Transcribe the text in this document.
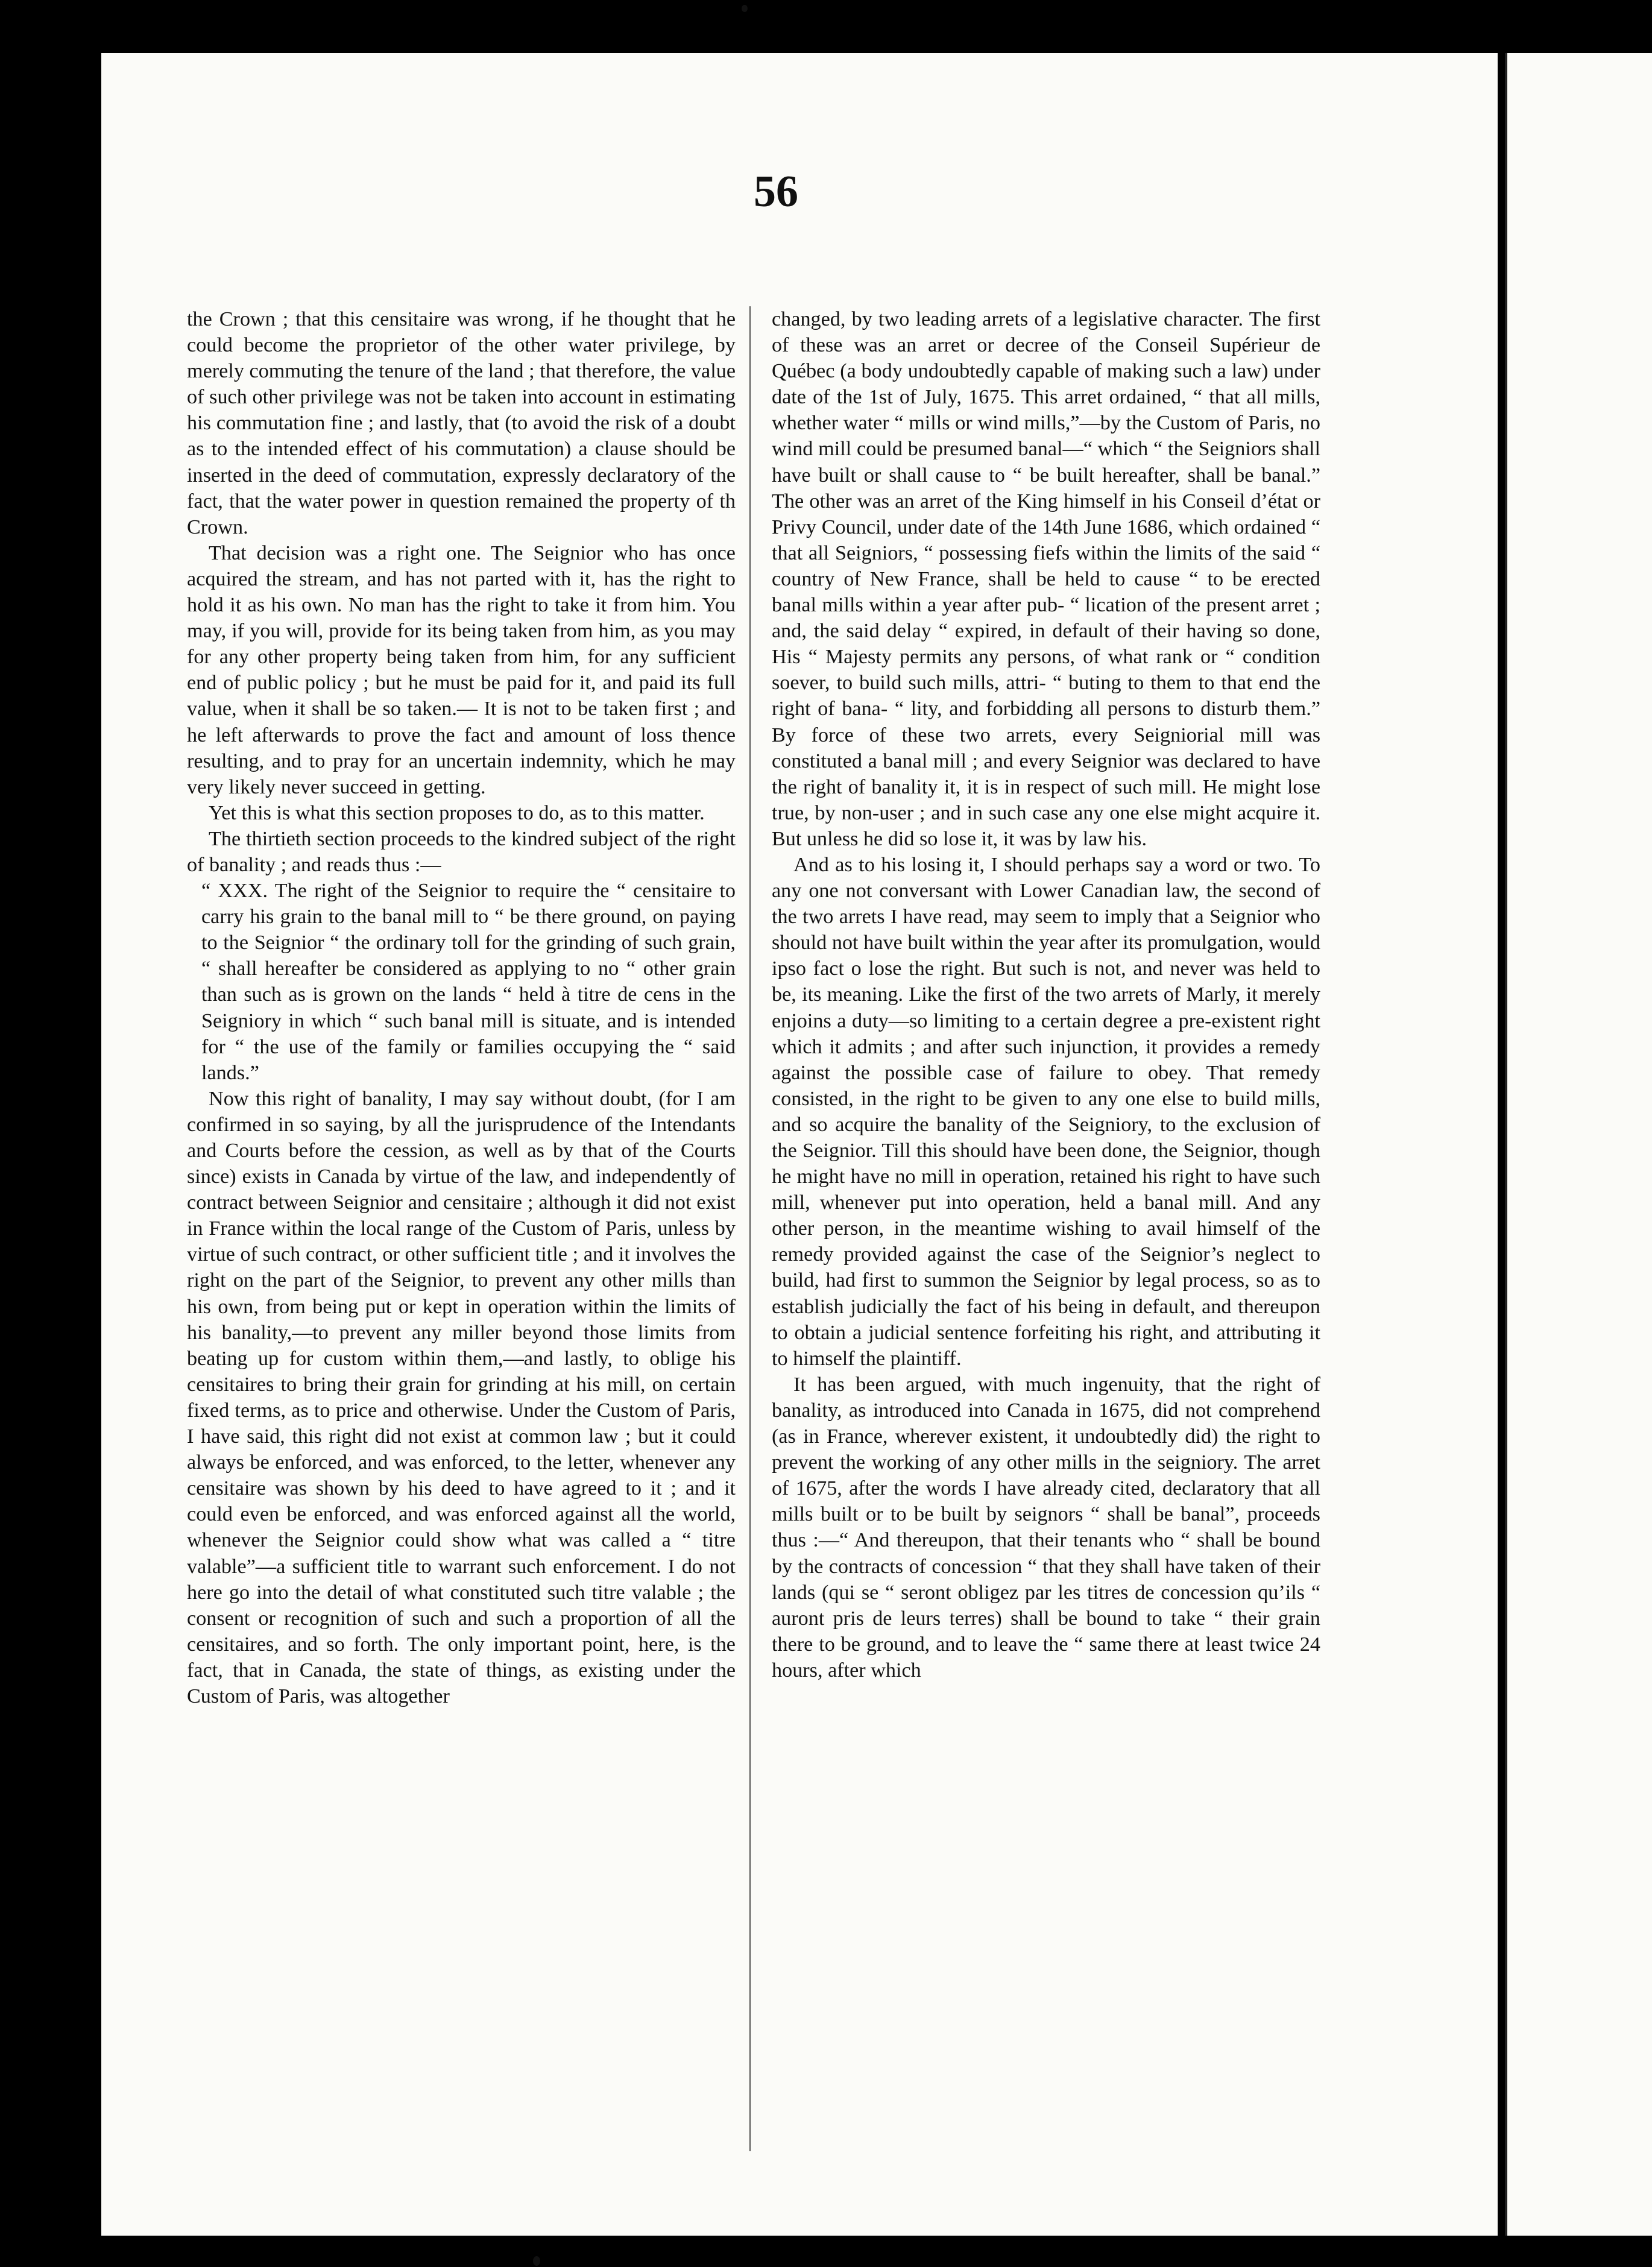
56

the Crown ; that this censitaire was wrong, if he thought that he could become the proprietor of the other water privilege, by merely commuting the tenure of the land ; that therefore, the value of such other privilege was not be taken into account in estimating his commutation fine ; and lastly, that (to avoid the risk of a doubt as to the intended effect of his commutation) a clause should be inserted in the deed of commutation, expressly declaratory of the fact, that the water power in question remained the property of th Crown.

That decision was a right one. The Seignior who has once acquired the stream, and has not parted with it, has the right to hold it as his own. No man has the right to take it from him. You may, if you will, provide for its being taken from him, as you may for any other property being taken from him, for any sufficient end of public policy ; but he must be paid for it, and paid its full value, when it shall be so taken.— It is not to be taken first ; and he left afterwards to prove the fact and amount of loss thence resulting, and to pray for an uncertain indemnity, which he may very likely never succeed in getting.

Yet this is what this section proposes to do, as to this matter.

The thirtieth section proceeds to the kindred subject of the right of banality ; and reads thus :—

“ XXX. The right of the Seignior to require the “ censitaire to carry his grain to the banal mill to “ be there ground, on paying to the Seignior “ the ordinary toll for the grinding of such grain, “ shall hereafter be considered as applying to no “ other grain than such as is grown on the lands “ held à titre de cens in the Seigniory in which “ such banal mill is situate, and is intended for “ the use of the family or families occupying the “ said lands.”

Now this right of banality, I may say without doubt, (for I am confirmed in so saying, by all the jurisprudence of the Intendants and Courts before the cession, as well as by that of the Courts since) exists in Canada by virtue of the law, and independently of contract between Seignior and censitaire ; although it did not exist in France within the local range of the Custom of Paris, unless by virtue of such contract, or other sufficient title ; and it involves the right on the part of the Seignior, to prevent any other mills than his own, from being put or kept in operation within the limits of his banality,—to prevent any miller beyond those limits from beating up for custom within them,—and lastly, to oblige his censitaires to bring their grain for grinding at his mill, on certain fixed terms, as to price and otherwise. Under the Custom of Paris, I have said, this right did not exist at common law ; but it could always be enforced, and was enforced, to the letter, whenever any censitaire was shown by his deed to have agreed to it ; and it could even be enforced, and was enforced against all the world, whenever the Seignior could show what was called a “ titre valable”—a sufficient title to warrant such enforcement. I do not here go into the detail of what constituted such titre valable ; the consent or recognition of such and such a proportion of all the censitaires, and so forth. The only important point, here, is the fact, that in Canada, the state of things, as existing under the Custom of Paris, was altogether

changed, by two leading arrets of a legislative character. The first of these was an arret or decree of the Conseil Supérieur de Québec (a body undoubtedly capable of making such a law) under date of the 1st of July, 1675. This arret ordained, “ that all mills, whether water “ mills or wind mills,”—by the Custom of Paris, no wind mill could be presumed banal—“ which “ the Seigniors shall have built or shall cause to “ be built hereafter, shall be banal.” The other was an arret of the King himself in his Conseil d’état or Privy Council, under date of the 14th June 1686, which ordained “ that all Seigniors, “ possessing fiefs within the limits of the said “ country of New France, shall be held to cause “ to be erected banal mills within a year after pub- “ lication of the present arret ; and, the said delay “ expired, in default of their having so done, His “ Majesty permits any persons, of what rank or “ condition soever, to build such mills, attri- “ buting to them to that end the right of bana- “ lity, and forbidding all persons to disturb them.” By force of these two arrets, every Seigniorial mill was constituted a banal mill ; and every Seignior was declared to have the right of banality it, it is in respect of such mill. He might lose true, by non-user ; and in such case any one else might acquire it. But unless he did so lose it, it was by law his.

And as to his losing it, I should perhaps say a word or two. To any one not conversant with Lower Canadian law, the second of the two arrets I have read, may seem to imply that a Seignior who should not have built within the year after its promulgation, would ipso fact o lose the right. But such is not, and never was held to be, its meaning. Like the first of the two arrets of Marly, it merely enjoins a duty—so limiting to a certain degree a pre-existent right which it admits ; and after such injunction, it provides a remedy against the possible case of failure to obey. That remedy consisted, in the right to be given to any one else to build mills, and so acquire the banality of the Seigniory, to the exclusion of the Seignior. Till this should have been done, the Seignior, though he might have no mill in operation, retained his right to have such mill, whenever put into operation, held a banal mill. And any other person, in the meantime wishing to avail himself of the remedy provided against the case of the Seignior’s neglect to build, had first to summon the Seignior by legal process, so as to establish judicially the fact of his being in default, and thereupon to obtain a judicial sentence forfeiting his right, and attributing it to himself the plaintiff.

It has been argued, with much ingenuity, that the right of banality, as introduced into Canada in 1675, did not comprehend (as in France, wherever existent, it undoubtedly did) the right to prevent the working of any other mills in the seigniory. The arret of 1675, after the words I have already cited, declaratory that all mills built or to be built by seignors “ shall be banal”, proceeds thus :—“ And thereupon, that their tenants who “ shall be bound by the contracts of concession “ that they shall have taken of their lands (qui se “ seront obligez par les titres de concession qu’ils “ auront pris de leurs terres) shall be bound to take “ their grain there to be ground, and to leave the “ same there at least twice 24 hours, after which
